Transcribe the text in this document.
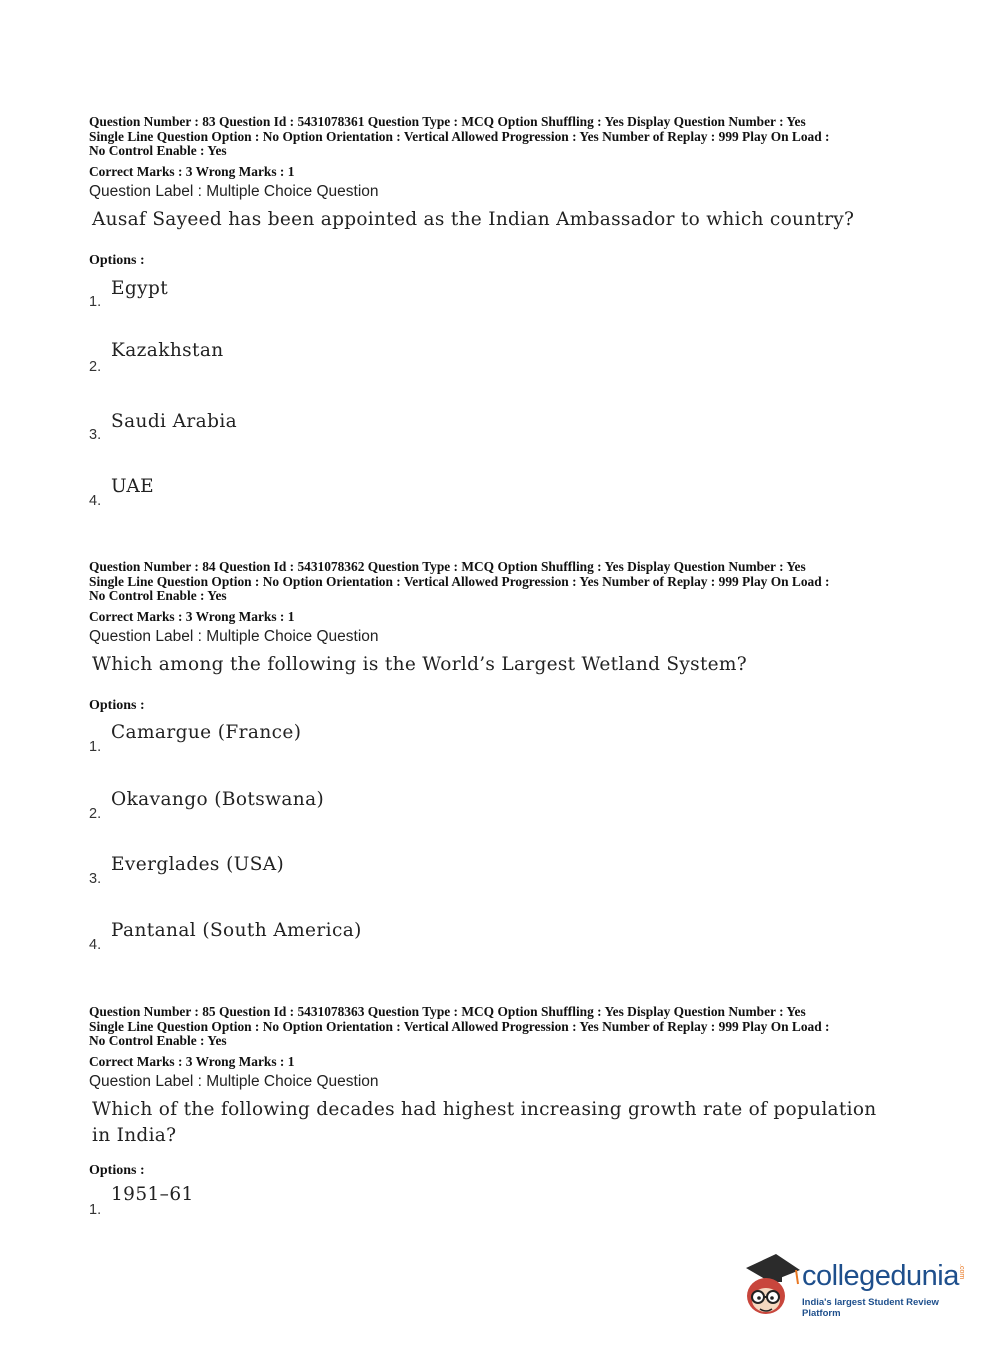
Question Number : 83 Question Id : 5431078361 Question Type : MCQ Option Shuffling : Yes Display Question Number : Yes
Single Line Question Option : No Option Orientation : Vertical Allowed Progression : Yes Number of Replay : 999 Play On Load :
No Control Enable : Yes
Correct Marks : 3 Wrong Marks : 1
Question Label : Multiple Choice Question
Ausaf Sayeed has been appointed as the Indian Ambassador to which country?
Options :
Egypt
1.
Kazakhstan
2.
Saudi Arabia
3.
UAE
4.
Question Number : 84 Question Id : 5431078362 Question Type : MCQ Option Shuffling : Yes Display Question Number : Yes
Single Line Question Option : No Option Orientation : Vertical Allowed Progression : Yes Number of Replay : 999 Play On Load :
No Control Enable : Yes
Correct Marks : 3 Wrong Marks : 1
Question Label : Multiple Choice Question
Which among the following is the World’s Largest Wetland System?
Options :
Camargue (France)
1.
Okavango (Botswana)
2.
Everglades (USA)
3.
Pantanal (South America)
4.
Question Number : 85 Question Id : 5431078363 Question Type : MCQ Option Shuffling : Yes Display Question Number : Yes
Single Line Question Option : No Option Orientation : Vertical Allowed Progression : Yes Number of Replay : 999 Play On Load :
No Control Enable : Yes
Correct Marks : 3 Wrong Marks : 1
Question Label : Multiple Choice Question
Which of the following decades had highest increasing growth rate of population
in India?
Options :
1951–61
1.
collegedunia .com
India's largest Student Review Platform
